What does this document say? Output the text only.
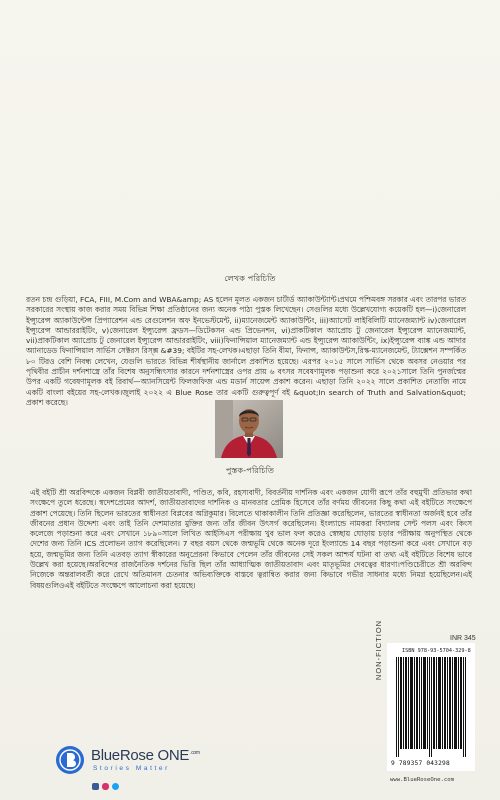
লেখক পরিচিতি

রতন চন্দ্র গুড়িয়া, FCA, FIII, M.Com and WBA&amp; AS হলেন মূলত একজন চার্টার্ড অ্যাকাউন্ট্যান্ট।প্রথমে পশ্চিমবঙ্গ সরকার এবং তারপর ভারত সরকারের সংস্থায় কাজ করার সময় বিভিন্ন শিক্ষা প্রতিষ্ঠানের জন্য অনেক পাঠ্য পুস্তক লিখেছেন। সেগুলির মধ্যে উল্লেখযোগ্য কয়েকটি হল—i)জেনারেল ইন্স্যুরেন্স অ্যাকাউন্টেন্স প্রিপ্যারেশন এন্ড রেগুলেশন অফ ইনভেস্টমেন্ট, ii)ম্যানেজমেন্ট অ্যাকাউন্টিং, iii)অ্যাসেট লাইবিলিটি ম্যানেজম্যান্ট iv)জেনারেল ইন্স্যুরেন্স আন্ডাররাইটিং, v)জেনারেল ইন্স্যুরেন্স ফ্রডস—ডিটেকসন এন্ড প্রিভেনশন, vi)প্রাকটিকাল অ্যাপ্রোচ টু জেনারেল ইন্স্যুরেন্স ম্যানেজম্যান্ট, vii)প্রাকটিকাল অ্যাপ্রোচ টু জেনারেল ইন্স্যুরেন্স আন্ডাররাইটিং, viii)ফিনান্সিয়াল ম্যানেজম্যান্ট এন্ড ইন্স্যুরেন্স অ্যাকাউন্টিং, ix)ইন্স্যুরেন্স ব্যাঙ্ক এন্ড আদার অ্যানাডেড ফিনান্সিয়াল সার্ভিস সেক্টরস রিস্ক্স &#39; বইটির সহ-লেখক।এছাড়া তিনি বীমা, ফিনান্স, অ্যাকাউন্টস,রিস্ক-ম্যানেজমেন্ট, ট্যাক্সেশন সম্পর্কিত ৮০ টিরও বেশি নিবন্ধ লেখেন, যেগুলি ভারতে বিভিন্ন শীর্ষস্থানীয় জার্নালে প্রকাশিত হয়েছে। এরপর ২০১৫ সালে সার্ভিস থেকে অবসর নেওয়ার পর পৃথিবীর প্রাচীন দর্শনশাস্ত্রে তাঁর বিশেষ অনুসন্ধিৎসার কারনে দর্শনশাস্ত্রের ওপর প্রায় ৬ বৎসর সবেষণামূলক পড়াশুনা করে ২০২১সালে তিনি পুনর্জন্মের উপর একটি গবেষণামূলক বই রিবার্থ—অ্যানসিয়েন্ট ফিলজফিজ এন্ড মডার্ন সায়েন্স প্রকাশ করেন। এছাড়া তিনি ২০২২ সালে প্রকাশিত নেতাজি নামে একটি বাংলা বইয়ের সহ-লেখক।জুলাই ২০২২ এ Blue Rose তার একটি গুরুত্বপূর্ণ বই &quot;In search of Truth and Salvation&quot; প্রকাশ করেছে।

পুস্তক-পরিচিতি

এই বইটি শ্রী অরবিন্দকে একজন বিপ্লবী জাতীয়তাবাদী, পণ্ডিত, কবি, রহস্যবাদী, বিবর্তনীয় দার্শনিক এবং একজন যোগী রূপে তাঁর বহুমুখী প্রতিভার কথা সংক্ষেপে তুলে ধরেছে। স্বদেশপ্রেমের আদর্শ, জাতীয়তাবাদের দার্শনিক ও মানবতার প্রেমিক হিসেবে তাঁর বর্ণময় জীবনের কিছু কথা এই বইটিতে সংক্ষেপে প্রকাশ পেয়েছে। তিনি ছিলেন ভারতের স্বাধীনতা বিপ্লবের অগ্নিকুমার। বিলেতে থাকাকালীন তিনি প্রতিজ্ঞা করেছিলেন, ভারতের স্বাধীনতা অর্জনই হবে তাঁর জীবনের প্রধান উদ্দেশ্য এবং তাই তিনি দেশমাতার মুক্তির জন্য তাঁর জীবন উৎসর্গ করেছিলেন। ইংল্যান্ডে নামকরা বিদ্যালয় সেন্ট পলস এবং কিংস কলেজে পড়াশুনা করে এবং সেখানে ১৮৯০সালে লিখিত আইসিএস পরীক্ষায় খুব ভাল ফল করেও স্বেচ্ছায় ঘোড়ায় চড়ার পরীক্ষায় অনুপস্থিত থেকে দেশের জন্য তিনি ICS প্রলোভন ত্যাগ করেছিলেন। 7 বছর বয়স থেকে জন্মভূমি থেকে অনেক দূরে ইংল্যান্ডে 14 বছর পড়াশুনা করে এবং সেখানে বড় হয়ে, জন্মভূমির জন্য তিনি এতবড় ত্যাগ স্বীকারের অনুপ্রেরনা কিভাবে পেলেন তাঁর জীবনের সেই সকল আশ্চর্য ঘটনা বা তথ্য এই বইটিতে বিশেষ ভাবে উল্লেখ করা হয়েছে।অরবিন্দের রাজনৈতিক দর্শনের ভিত্তি ছিল তাঁর আধ্যাত্মিক জাতীয়তাবাদ এবং মাতৃভূমির দেবত্বের ধারণা।পণ্ডিচেরীতে শ্রী অরবিন্দ নিজেকে অন্তরালবর্তী করে রেখে অতিমানস চেতনার অভিব্যক্তিকে বাস্তবে ত্বরান্বিত করার জন্য কিভাবে গভীর সাধনার মধ্যে নিমগ্ন হয়েছিলেন।এই বিষয়গুলিওএই বইটিতে সংক্ষেপে আলোচনা করা হয়েছে।

INR 345
BlueRose $ONE^{.com}$
Stories Matter
NON-FICTION	ISBN 978-93-5704-329-8
9 789357 043298
www.BlueRoseOne.com
